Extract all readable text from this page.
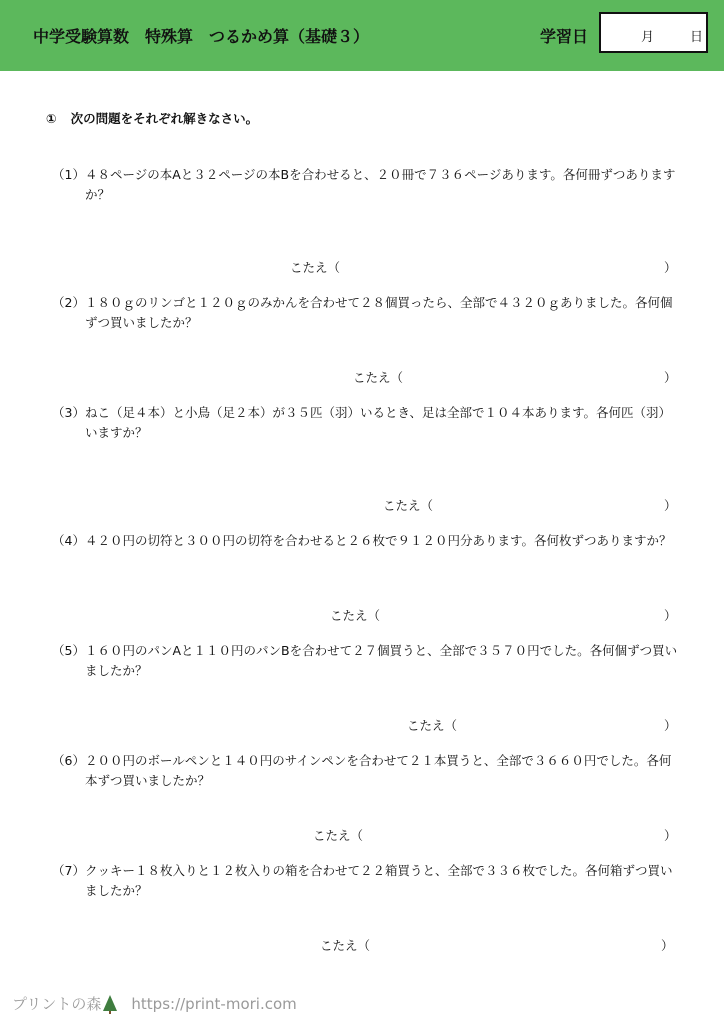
中学受験算数　特殊算　つるかめ算（基礎３）	学習日	月	日
① 次の問題をそれぞれ解きなさい。
（1） ４８ページの本Aと３２ページの本Bを合わせると、２０冊で７３６ページあります。各何冊ずつありますか？
こたえ（	）
（2） １８０ｇのリンゴと１２０ｇのみかんを合わせて２８個買ったら、全部で４３２０ｇありました。各何個ずつ買いましたか？
こたえ（	）
（3） ねこ（足４本）と小鳥（足２本）が３５匹（羽）いるとき、足は全部で１０４本あります。各何匹（羽）いますか？
こたえ（	）
（4） ４２０円の切符と３００円の切符を合わせると２６枚で９１２０円分あります。各何枚ずつありますか？
こたえ（	）
（5） １６０円のパンAと１１０円のパンBを合わせて２７個買うと、全部で３５７０円でした。各何個ずつ買いましたか？
こたえ（	）
（6） ２００円のボールペンと１４０円のサインペンを合わせて２１本買うと、全部で３６６０円でした。各何本ずつ買いましたか？
こたえ（	）
（7） クッキー１８枚入りと１２枚入りの箱を合わせて２２箱買うと、全部で３３６枚でした。各何箱ずつ買いましたか？
こたえ（	）
プリントの森 https://print-mori.com
